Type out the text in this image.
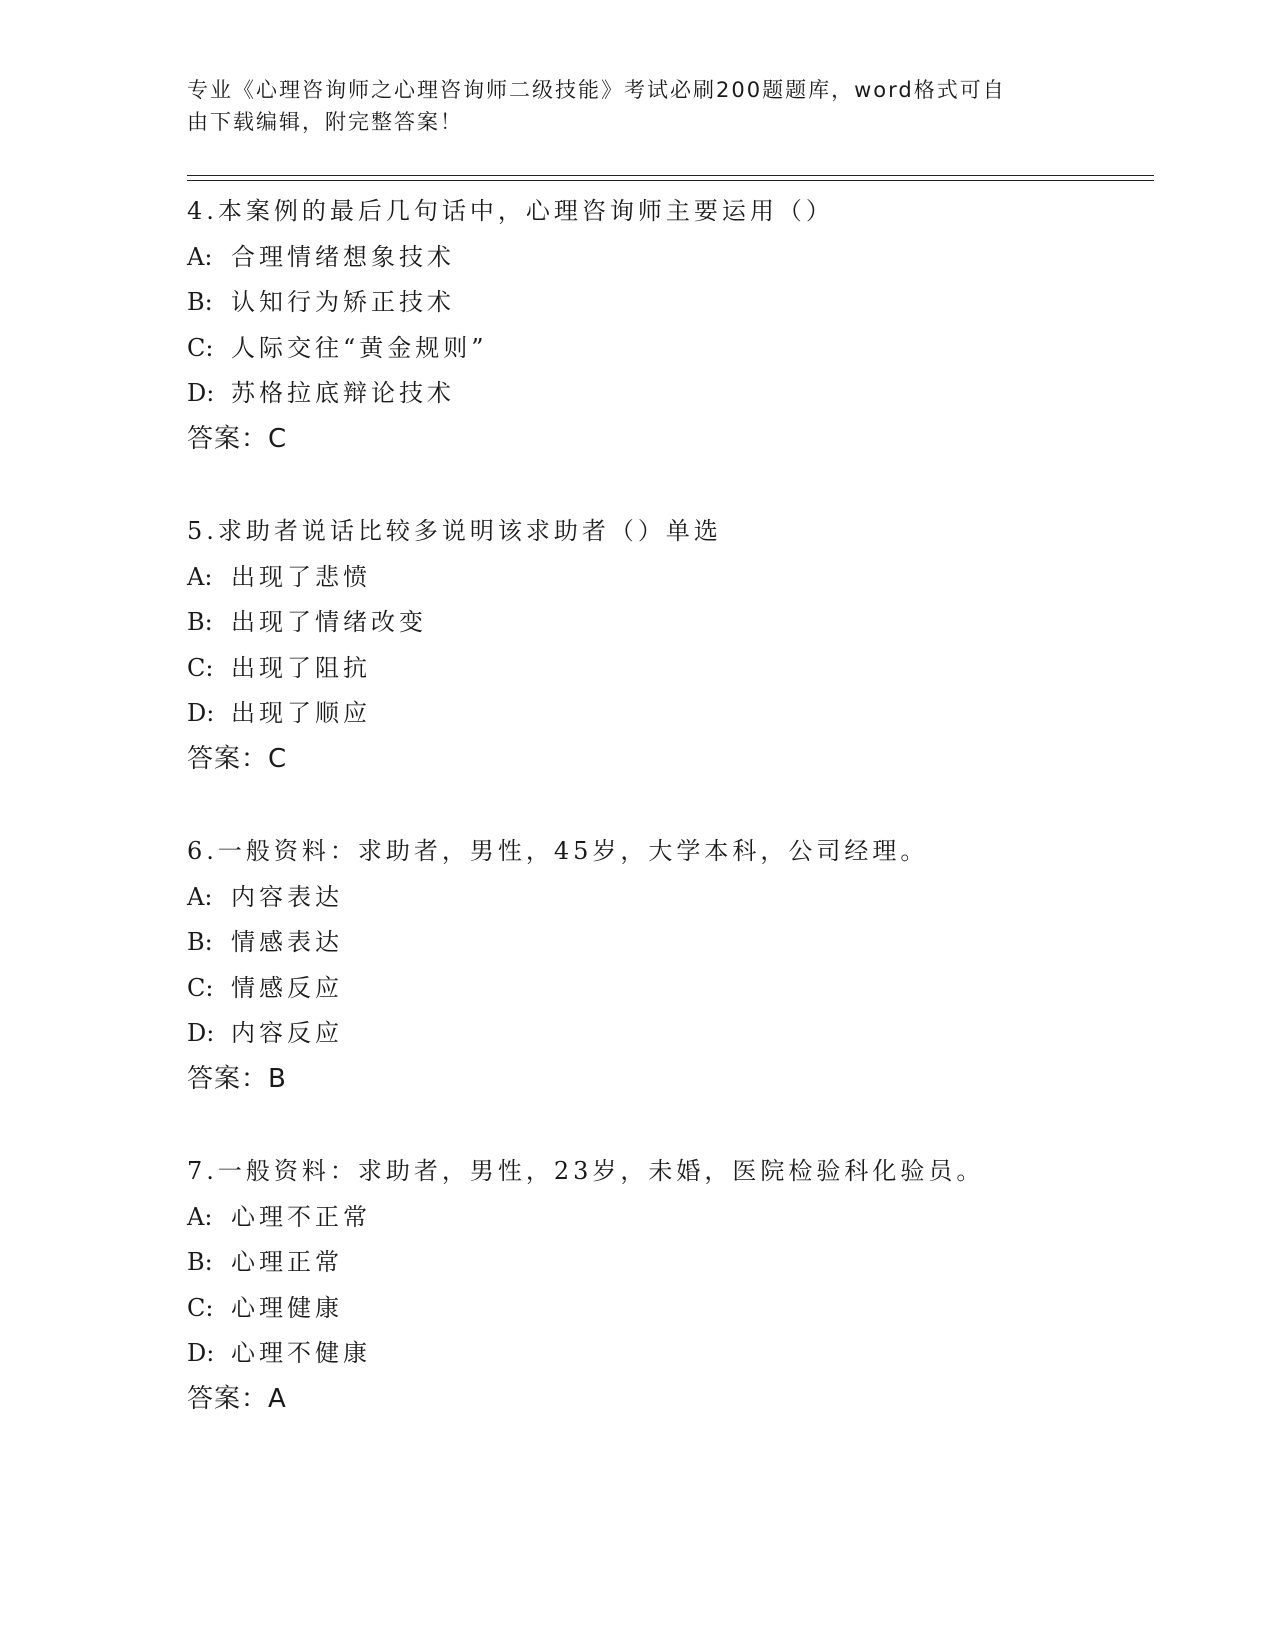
专业《心理咨询师之心理咨询师二级技能》考试必刷200题题库，word格式可自
由下载编辑，附完整答案！
4.本案例的最后几句话中，心理咨询师主要运用（）
A: 合理情绪想象技术
B: 认知行为矫正技术
C: 人际交往“黄金规则”
D: 苏格拉底辩论技术
答案：C
5.求助者说话比较多说明该求助者（）单选
A: 出现了悲愤
B: 出现了情绪改变
C: 出现了阻抗
D: 出现了顺应
答案：C
6.一般资料：求助者，男性，45岁，大学本科，公司经理。
A: 内容表达
B: 情感表达
C: 情感反应
D: 内容反应
答案：B
7.一般资料：求助者，男性，23岁，未婚，医院检验科化验员。
A: 心理不正常
B: 心理正常
C: 心理健康
D: 心理不健康
答案：A
